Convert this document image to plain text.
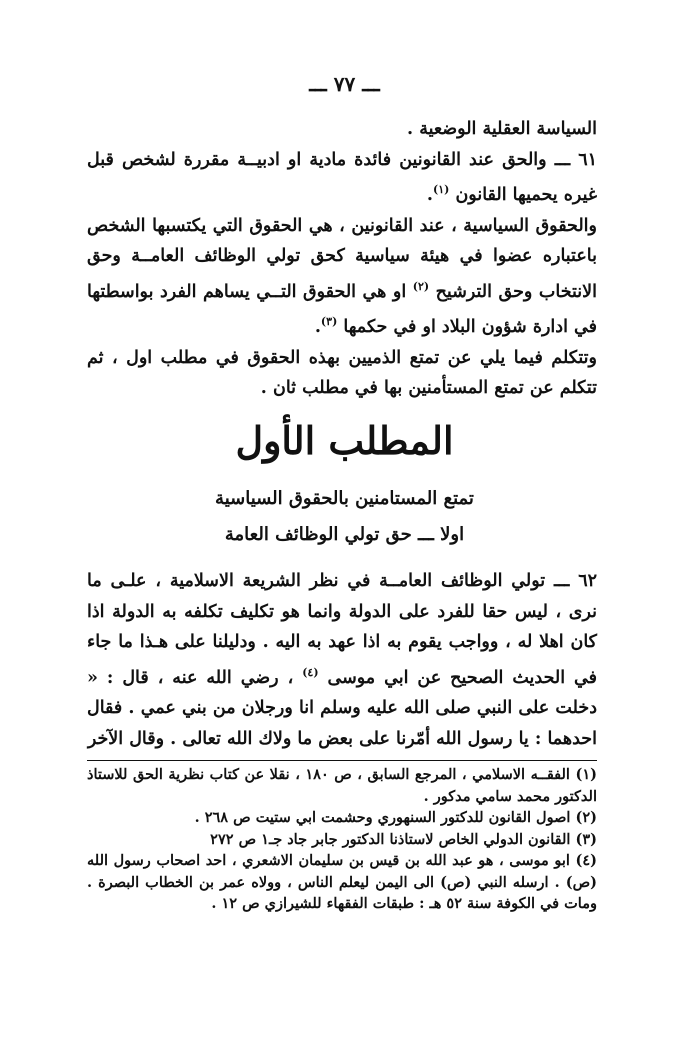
ـــ ٧٧ ـــ

السياسة العقلية الوضعية .

٦١ ـــ والحق عند القانونين فائدة مادية او ادبيــة مقررة لشخص قبل غيره يحميها القانون $^{(١)}$.

والحقوق السياسية ، عند القانونين ، هي الحقوق التي يكتسبها الشخص باعتباره عضوا في هيئة سياسية كحق تولي الوظائف العامــة وحق الانتخاب وحق الترشيح $^{(٢)}$ او هي الحقوق التــي يساهم الفرد بواسطتها في ادارة شؤون البلاد او في حكمها $^{(٣)}$.

وتتكلم فيما يلي عن تمتع الذميين بهذه الحقوق في مطلب اول ، ثم تتكلم عن تمتع المستأمنين بها في مطلب ثان .

المطلب الأول
تمتع المستامنين بالحقوق السياسية
اولا ـــ حق تولي الوظائف العامة

٦٢ ـــ تولي الوظائف العامــة في نظر الشريعة الاسلامية ، علـى ما نرى ، ليس حقا للفرد على الدولة وانما هو تكليف تكلفه به الدولة اذا كان اهلا له ، وواجب يقوم به اذا عهد به اليه . ودليلنا على هـذا ما جاء في الحديث الصحيح عن ابي موسى $^{(٤)}$ ، رضي الله عنه ، قال : « دخلت على النبي صلى الله عليه وسلم انا ورجلان من بني عمي . فقال احدهما : يا رسول الله أمّرنا على بعض ما ولاك الله تعالى . وقال الآخر

(١) الفقــه الاسلامي ، المرجع السابق ، ص ١٨٠ ، نقلا عن كتاب نظرية الحق للاستاذ الدكتور محمد سامي مدكور .

(٢) اصول القانون للدكتور السنهوري وحشمت ابي ستيت ص ٢٦٨ .

(٣) القانون الدولي الخاص لاستاذنا الدكتور جابر جاد جـ١ ص ٢٧٢

(٤) ابو موسى ، هو عبد الله بن قيس بن سليمان الاشعري ، احد اصحاب رسول الله (ص) . ارسله النبي (ص) الى اليمن ليعلم الناس ، وولاه عمر بن الخطاب البصرة . ومات في الكوفة سنة ٥٢ هـ : طبقات الفقهاء للشيرازي ص ١٢ .
